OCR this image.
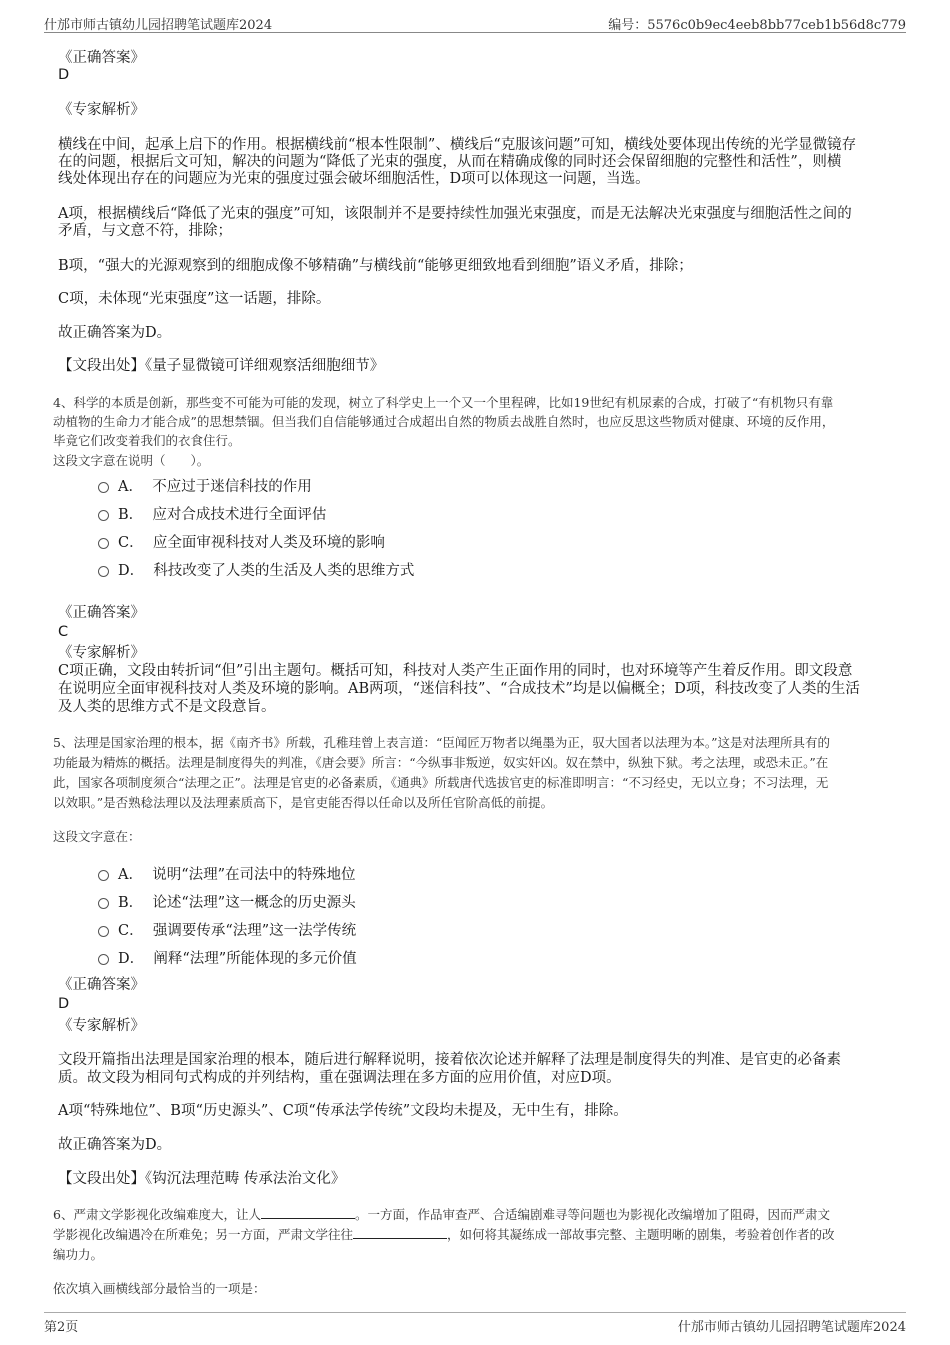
什邡市师古镇幼儿园招聘笔试题库2024	编号：5576c0b9ec4eeb8bb77ceb1b56d8c779
《正确答案》
D
《专家解析》
横线在中间，起承上启下的作用。根据横线前“根本性限制”、横线后“克服该问题”可知，横线处要体现出传统的光学显微镜存
在的问题，根据后文可知，解决的问题为“降低了光束的强度，从而在精确成像的同时还会保留细胞的完整性和活性”，则横
线处体现出存在的问题应为光束的强度过强会破坏细胞活性，D项可以体现这一问题，当选。
A项，根据横线后“降低了光束的强度”可知，该限制并不是要持续性加强光束强度，而是无法解决光束强度与细胞活性之间的
矛盾，与文意不符，排除；
B项，“强大的光源观察到的细胞成像不够精确”与横线前“能够更细致地看到细胞”语义矛盾，排除；
C项，未体现“光束强度”这一话题，排除。
故正确答案为D。
【文段出处】《量子显微镜可详细观察活细胞细节》
4、科学的本质是创新，那些变不可能为可能的发现，树立了科学史上一个又一个里程碑，比如19世纪有机尿素的合成，打破了“有机物只有靠
动植物的生命力才能合成”的思想禁锢。但当我们自信能够通过合成超出自然的物质去战胜自然时，也应反思这些物质对健康、环境的反作用，
毕竟它们改变着我们的衣食住行。
这段文字意在说明（　　）。
A． 不应过于迷信科技的作用
B． 应对合成技术进行全面评估
C． 应全面审视科技对人类及环境的影响
D． 科技改变了人类的生活及人类的思维方式
《正确答案》
C
《专家解析》
C项正确，文段由转折词“但”引出主题句。概括可知，科技对人类产生正面作用的同时，也对环境等产生着反作用。即文段意
在说明应全面审视科技对人类及环境的影响。AB两项，“迷信科技”、“合成技术”均是以偏概全；D项，科技改变了人类的生活
及人类的思维方式不是文段意旨。
5、法理是国家治理的根本，据《南齐书》所载，孔稚珪曾上表言道：“臣闻匠万物者以绳墨为正，驭大国者以法理为本。”这是对法理所具有的
功能最为精炼的概括。法理是制度得失的判准，《唐会要》所言：“今纵事非叛逆，奴实奸凶。奴在禁中，纵独下狱。考之法理，或恐未正。”在
此，国家各项制度须合“法理之正”。法理是官吏的必备素质，《通典》所载唐代选拔官吏的标准即明言：“不习经史，无以立身；不习法理，无
以效职。”是否熟稔法理以及法理素质高下，是官吏能否得以任命以及所任官阶高低的前提。
这段文字意在：
A． 说明“法理”在司法中的特殊地位
B． 论述“法理”这一概念的历史源头
C． 强调要传承“法理”这一法学传统
D． 阐释“法理”所能体现的多元价值
《正确答案》
D
《专家解析》
文段开篇指出法理是国家治理的根本，随后进行解释说明，接着依次论述并解释了法理是制度得失的判准、是官吏的必备素
质。故文段为相同句式构成的并列结构，重在强调法理在多方面的应用价值，对应D项。
A项“特殊地位”、B项“历史源头”、C项“传承法学传统”文段均未提及，无中生有，排除。
故正确答案为D。
【文段出处】《钩沉法理范畴 传承法治文化》
6、严肃文学影视化改编难度大，让人	。一方面，作品审查严、合适编剧难寻等问题也为影视化改编增加了阻碍，因而严肃文
学影视化改编遇冷在所难免；另一方面，严肃文学往往	，如何将其凝练成一部故事完整、主题明晰的剧集，考验着创作者的改
编功力。
依次填入画横线部分最恰当的一项是：
第2页	什邡市师古镇幼儿园招聘笔试题库2024
